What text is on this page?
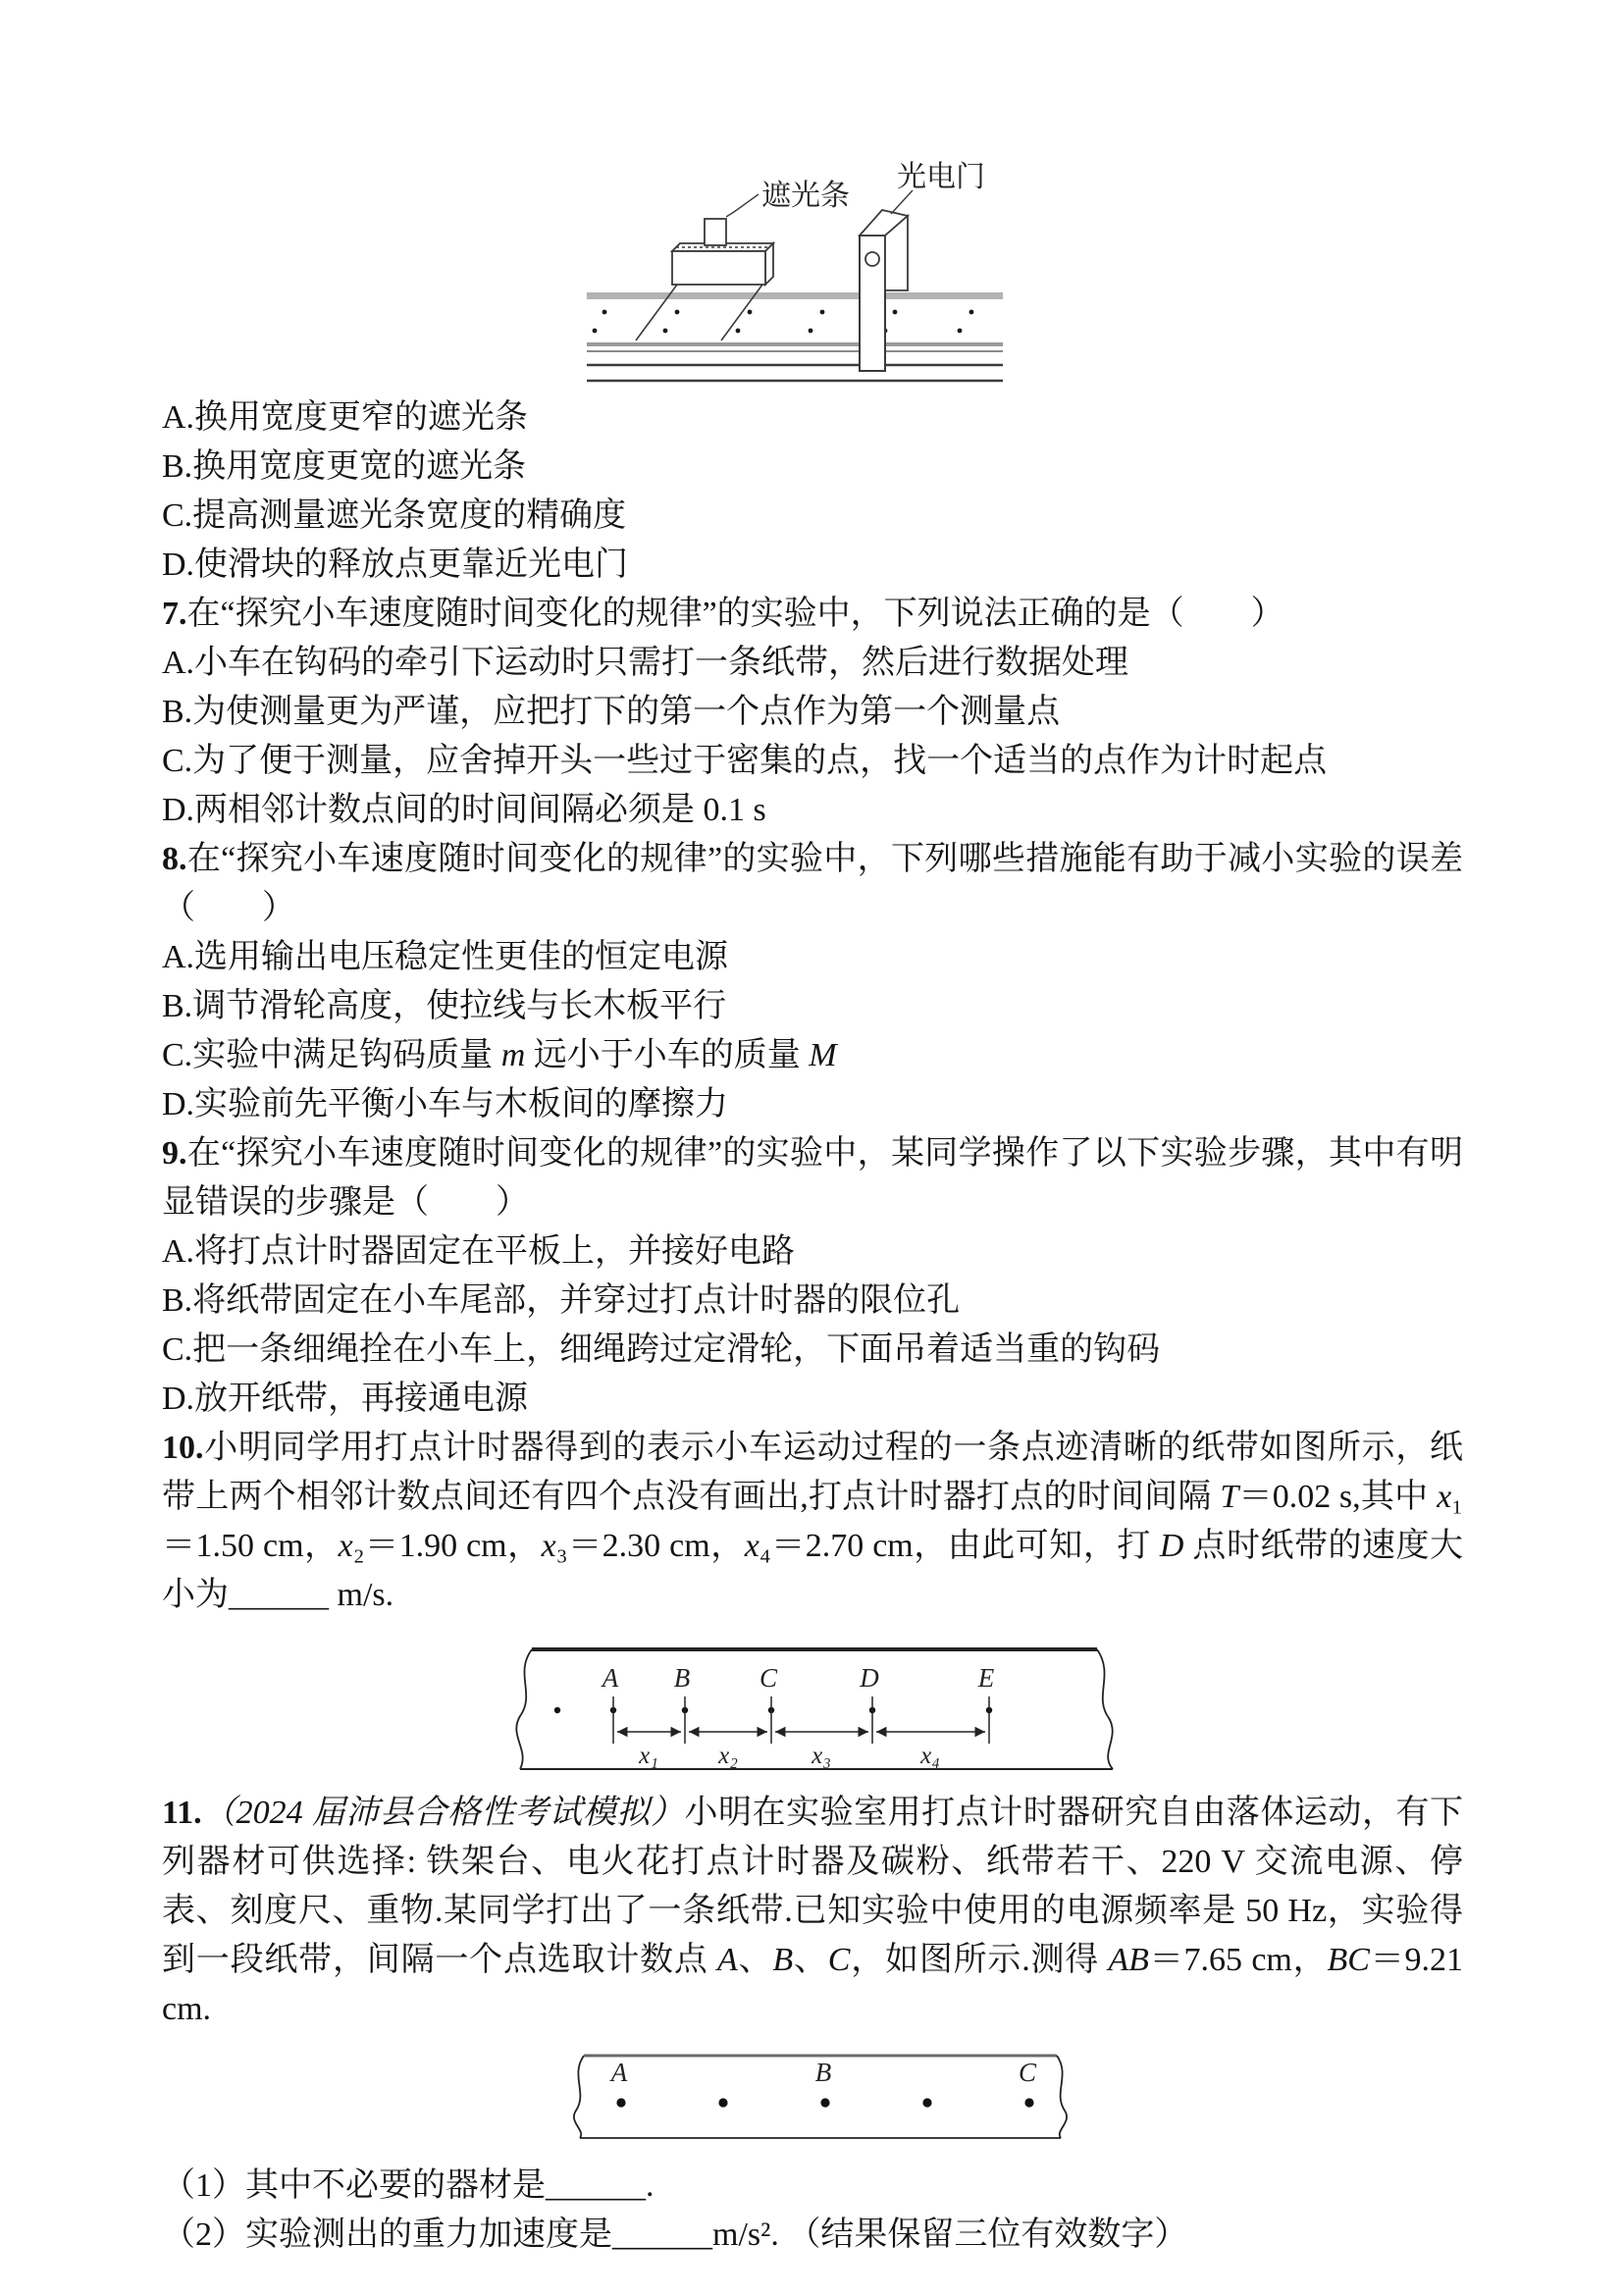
遮光条
光电门

A.换用宽度更窄的遮光条

B.换用宽度更宽的遮光条

C.提高测量遮光条宽度的精确度

D.使滑块的释放点更靠近光电门

7.在“探究小车速度随时间变化的规律”的实验中，下列说法正确的是（　　）

A.小车在钩码的牵引下运动时只需打一条纸带，然后进行数据处理

B.为使测量更为严谨，应把打下的第一个点作为第一个测量点

C.为了便于测量，应舍掉开头一些过于密集的点，找一个适当的点作为计时起点

D.两相邻计数点间的时间间隔必须是 0.1 s

8.在“探究小车速度随时间变化的规律”的实验中，下列哪些措施能有助于减小实验的误差（　　）

A.选用输出电压稳定性更佳的恒定电源

B.调节滑轮高度，使拉线与长木板平行

C.实验中满足钩码质量 m 远小于小车的质量 M

D.实验前先平衡小车与木板间的摩擦力

9.在“探究小车速度随时间变化的规律”的实验中，某同学操作了以下实验步骤，其中有明显错误的步骤是（　　）

A.将打点计时器固定在平板上，并接好电路

B.将纸带固定在小车尾部，并穿过打点计时器的限位孔

C.把一条细绳拴在小车上，细绳跨过定滑轮，下面吊着适当重的钩码

D.放开纸带，再接通电源

10.小明同学用打点计时器得到的表示小车运动过程的一条点迹清晰的纸带如图所示，纸带上两个相邻计数点间还有四个点没有画出,打点计时器打点的时间间隔 T＝0.02 s,其中 x₁＝1.50 cm，x₂＝1.90 cm，x₃＝2.30 cm，x₄＝2.70 cm，由此可知，打 D 点时纸带的速度大小为______ m/s.

A B	C	D	E
x₁ x₂	x₃	x₄

11.（2024 届沛县合格性考试模拟）小明在实验室用打点计时器研究自由落体运动，有下列器材可供选择: 铁架台、电火花打点计时器及碳粉、纸带若干、220 V 交流电源、停表、刻度尺、重物.某同学打出了一条纸带.已知实验中使用的电源频率是 50 Hz，实验得到一段纸带，间隔一个点选取计数点 A、B、C，如图所示.测得 AB＝7.65 cm，BC＝9.21 cm.

A	B	C

（1）其中不必要的器材是______.

（2）实验测出的重力加速度是______m/s². （结果保留三位有效数字）
